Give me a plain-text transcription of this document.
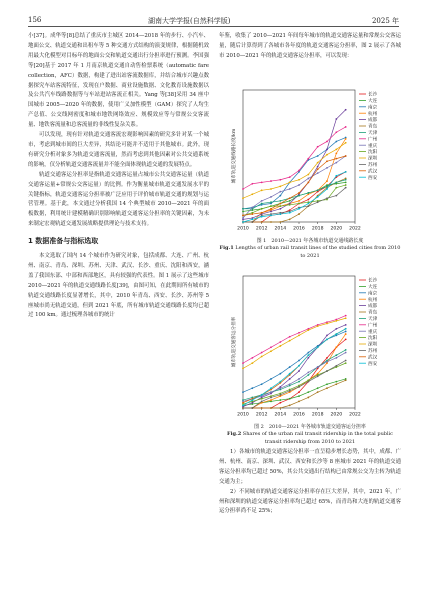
156	湖南大学学报(自然科学版)	2025 年

小[37]。成华等[8]总结了重庆市主城区 2014—2018 年的步行、小汽车、地面公交、轨道交通和出租车等 5 种交通方式结构的演变规律，根据随机效用最大化模型对目标年的地面公交和轨道交通出行分担率进行预测。李国强等[20]基于 2017 年 1 月南京轨道交通自动售检票系统（automatic fare collection，AFC）数据，构建了进出站客流数据库，并结合城市兴趣点数据探究车站客流特征，发现在户数据、商业设施数据、文化教育设施数据以及公共汽车线路数据等与车站进站客流正相关。Yang 等[38]采用 34 座中国城市 2005—2020 年的数据，使用广义加性模型（GAM）探究了人均生产总值、公交线网密度和城市地铁网络效应、规模效应等与常规公交客流量、地铁客流量和总客流量的非线性复杂关系。

可以发现，现有针对轨道交通客流宏观影响因素的研究多针对某一个城市，考虑到城市间的巨大差异，其结论可能并不适用于其他城市。此外，现有研究分析对象多为轨道交通客流量，然而考虑到其他因素对公共交通系统的影响，仅分析轨道交通客流量并不能全面体现轨道交通的发展特点。

轨道交通客运分担率是指轨道交通客运量占城市公共交通客运量（轨道交通客运量+常规公交客运量）的比例。作为衡量城市轨道交通发展水平的关键指标，轨道交通客运分担率被广泛应用于评价城市轨道交通的规划与运营管理。基于此，本文通过分析我国 14 个典型城市 2010—2021 年的面板数据，利用统计建模精确识别影响轨道交通客运分担率的关键因素，为未来制定宏观轨道交通发展战略提供理论与技术支持。

1 数据准备与指标选取

本文选取了国内 14 个城市作为研究对象，包括成都、大连、广州、杭州、南京、青岛、深圳、苏州、天津、武汉、长沙、重庆、沈阳和西安，涵盖了我国东部、中部和西部地区，具有较强的代表性。图 1 展示了这些城市 2010—2021 年的轨道交通线路长度[39]，由图可知，在此期间所有城市的轨道交通线路长度显著增长，其中，2010 年青岛、西安、长沙、苏州等 5 座城市尚无轨道交通，但到 2021 年底，所有城市轨道交通线路长度均已超过 100 km。通过梳理各城市的统计

年鉴，收集了 2010—2021 年间每年城市的轨道交通客运量和常规公交客运量，随后计算得到了各城市各年度的轨道交通客运分担率，图 2 展示了各城市 2010—2021 年的轨道交通客运分担率，可以发现：

2010 2012 2014 2016 2018 2020 2022
城市轨道交通线路长度/km
长沙
大连
南京
杭州
成都
青岛
天津
广州
重庆
沈阳
深圳
苏州
武汉
西安
图 1　2010—2021 年各城市轨道交通线路长度
Fig.1 Lengths of urban rail transit lines of the studied cities from 2010 to 2021
2010 2012 2014 2016 2018 2020 2022
城市轨道交通客运分担率
长沙
大连
南京
杭州
成都
青岛
天津
广州
重庆
沈阳
深圳
苏州
武汉
西安
图 2　2010—2021 年各城市轨道交通客运分担率
Fig.2 Shares of the urban rail transit ridership in the total public transit ridership from 2010 to 2021

1）各城市的轨道交通客运分担率一直呈稳步增长态势，其中，成都、广州、杭州、南京、深圳、武汉、西安和长沙等 8 座城市 2021 年的轨道交通客运分担率均已超过 50%，其公共交通出行结构已由常规公交为主转为轨道交通为主；

2）不同城市的轨道交通客运分担率存在巨大差异，其中，2021 年，广州和深圳的轨道交通客运分担率均已超过 65%，而青岛和大连的轨道交通客运分担率尚不足 25%；
